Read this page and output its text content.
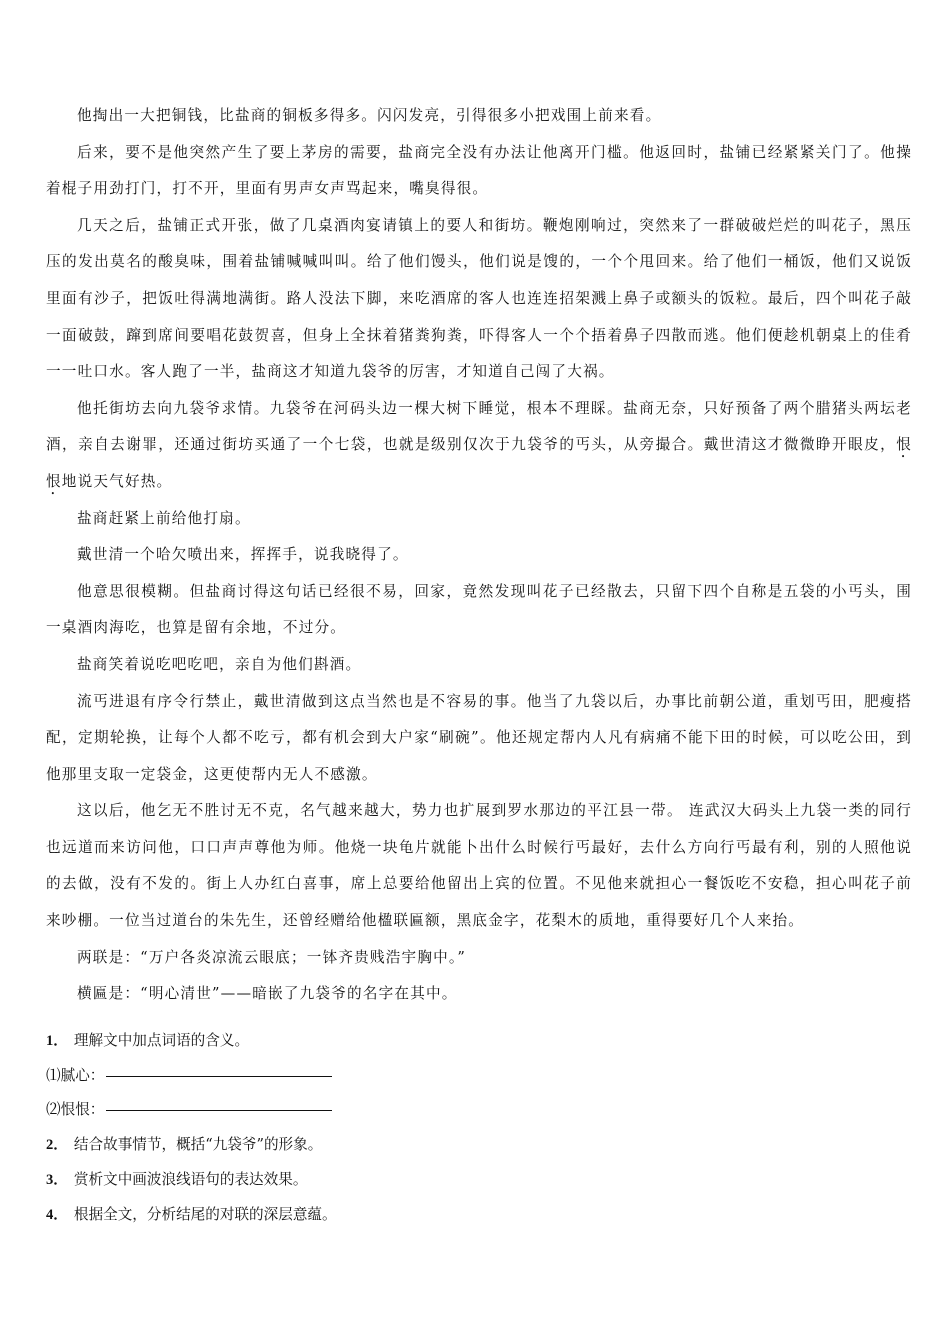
他掏出一大把铜钱，比盐商的铜板多得多。闪闪发亮，引得很多小把戏围上前来看。

后来，要不是他突然产生了要上茅房的需要，盐商完全没有办法让他离开门槛。他返回时，盐铺已经紧紧关门了。他操着棍子用劲打门，打不开，里面有男声女声骂起来，嘴臭得很。

几天之后，盐铺正式开张，做了几桌酒肉宴请镇上的要人和街坊。鞭炮刚响过，突然来了一群破破烂烂的叫花子，黑压压的发出莫名的酸臭味，围着盐铺喊喊叫叫。给了他们馒头，他们说是馊的，一个个甩回来。给了他们一桶饭，他们又说饭里面有沙子，把饭吐得满地满街。路人没法下脚，来吃酒席的客人也连连招架溅上鼻子或额头的饭粒。最后，四个叫花子敲一面破鼓，蹿到席间要唱花鼓贺喜，但身上全抹着猪粪狗粪，吓得客人一个个捂着鼻子四散而逃。他们便趁机朝桌上的佳肴一一吐口水。客人跑了一半，盐商这才知道九袋爷的厉害，才知道自己闯了大祸。

他托街坊去向九袋爷求情。九袋爷在河码头边一棵大树下睡觉，根本不理睬。盐商无奈，只好预备了两个腊猪头两坛老酒，亲自去谢罪，还通过街坊买通了一个七袋，也就是级别仅次于九袋爷的丐头，从旁撮合。戴世清这才微微睁开眼皮，恨恨地说天气好热。

盐商赶紧上前给他打扇。

戴世清一个哈欠喷出来，挥挥手，说我晓得了。

他意思很模糊。但盐商讨得这句话已经很不易，回家，竟然发现叫花子已经散去，只留下四个自称是五袋的小丐头，围一桌酒肉海吃，也算是留有余地，不过分。

盐商笑着说吃吧吃吧，亲自为他们斟酒。

流丐进退有序令行禁止，戴世清做到这点当然也是不容易的事。他当了九袋以后，办事比前朝公道，重划丐田，肥瘦搭配，定期轮换，让每个人都不吃亏，都有机会到大户家“刷碗”。他还规定帮内人凡有病痛不能下田的时候，可以吃公田，到他那里支取一定袋金，这更使帮内无人不感激。

这以后，他乞无不胜讨无不克，名气越来越大，势力也扩展到罗水那边的平江县一带。 连武汉大码头上九袋一类的同行也远道而来访问他，口口声声尊他为师。他烧一块龟片就能卜出什么时候行丐最好，去什么方向行丐最有利，别的人照他说的去做，没有不发的。街上人办红白喜事，席上总要给他留出上宾的位置。不见他来就担心一餐饭吃不安稳，担心叫花子前来吵棚。一位当过道台的朱先生，还曾经赠给他楹联匾额，黑底金字，花梨木的质地，重得要好几个人来抬。

两联是：“万户各炎凉流云眼底；一钵齐贵贱浩宇胸中。”

横匾是：“明心清世”——暗嵌了九袋爷的名字在其中。

1． 理解文中加点词语的含义。

⑴腻心：

⑵恨恨：

2． 结合故事情节，概括“九袋爷”的形象。

3． 赏析文中画波浪线语句的表达效果。

4． 根据全文，分析结尾的对联的深层意蕴。
